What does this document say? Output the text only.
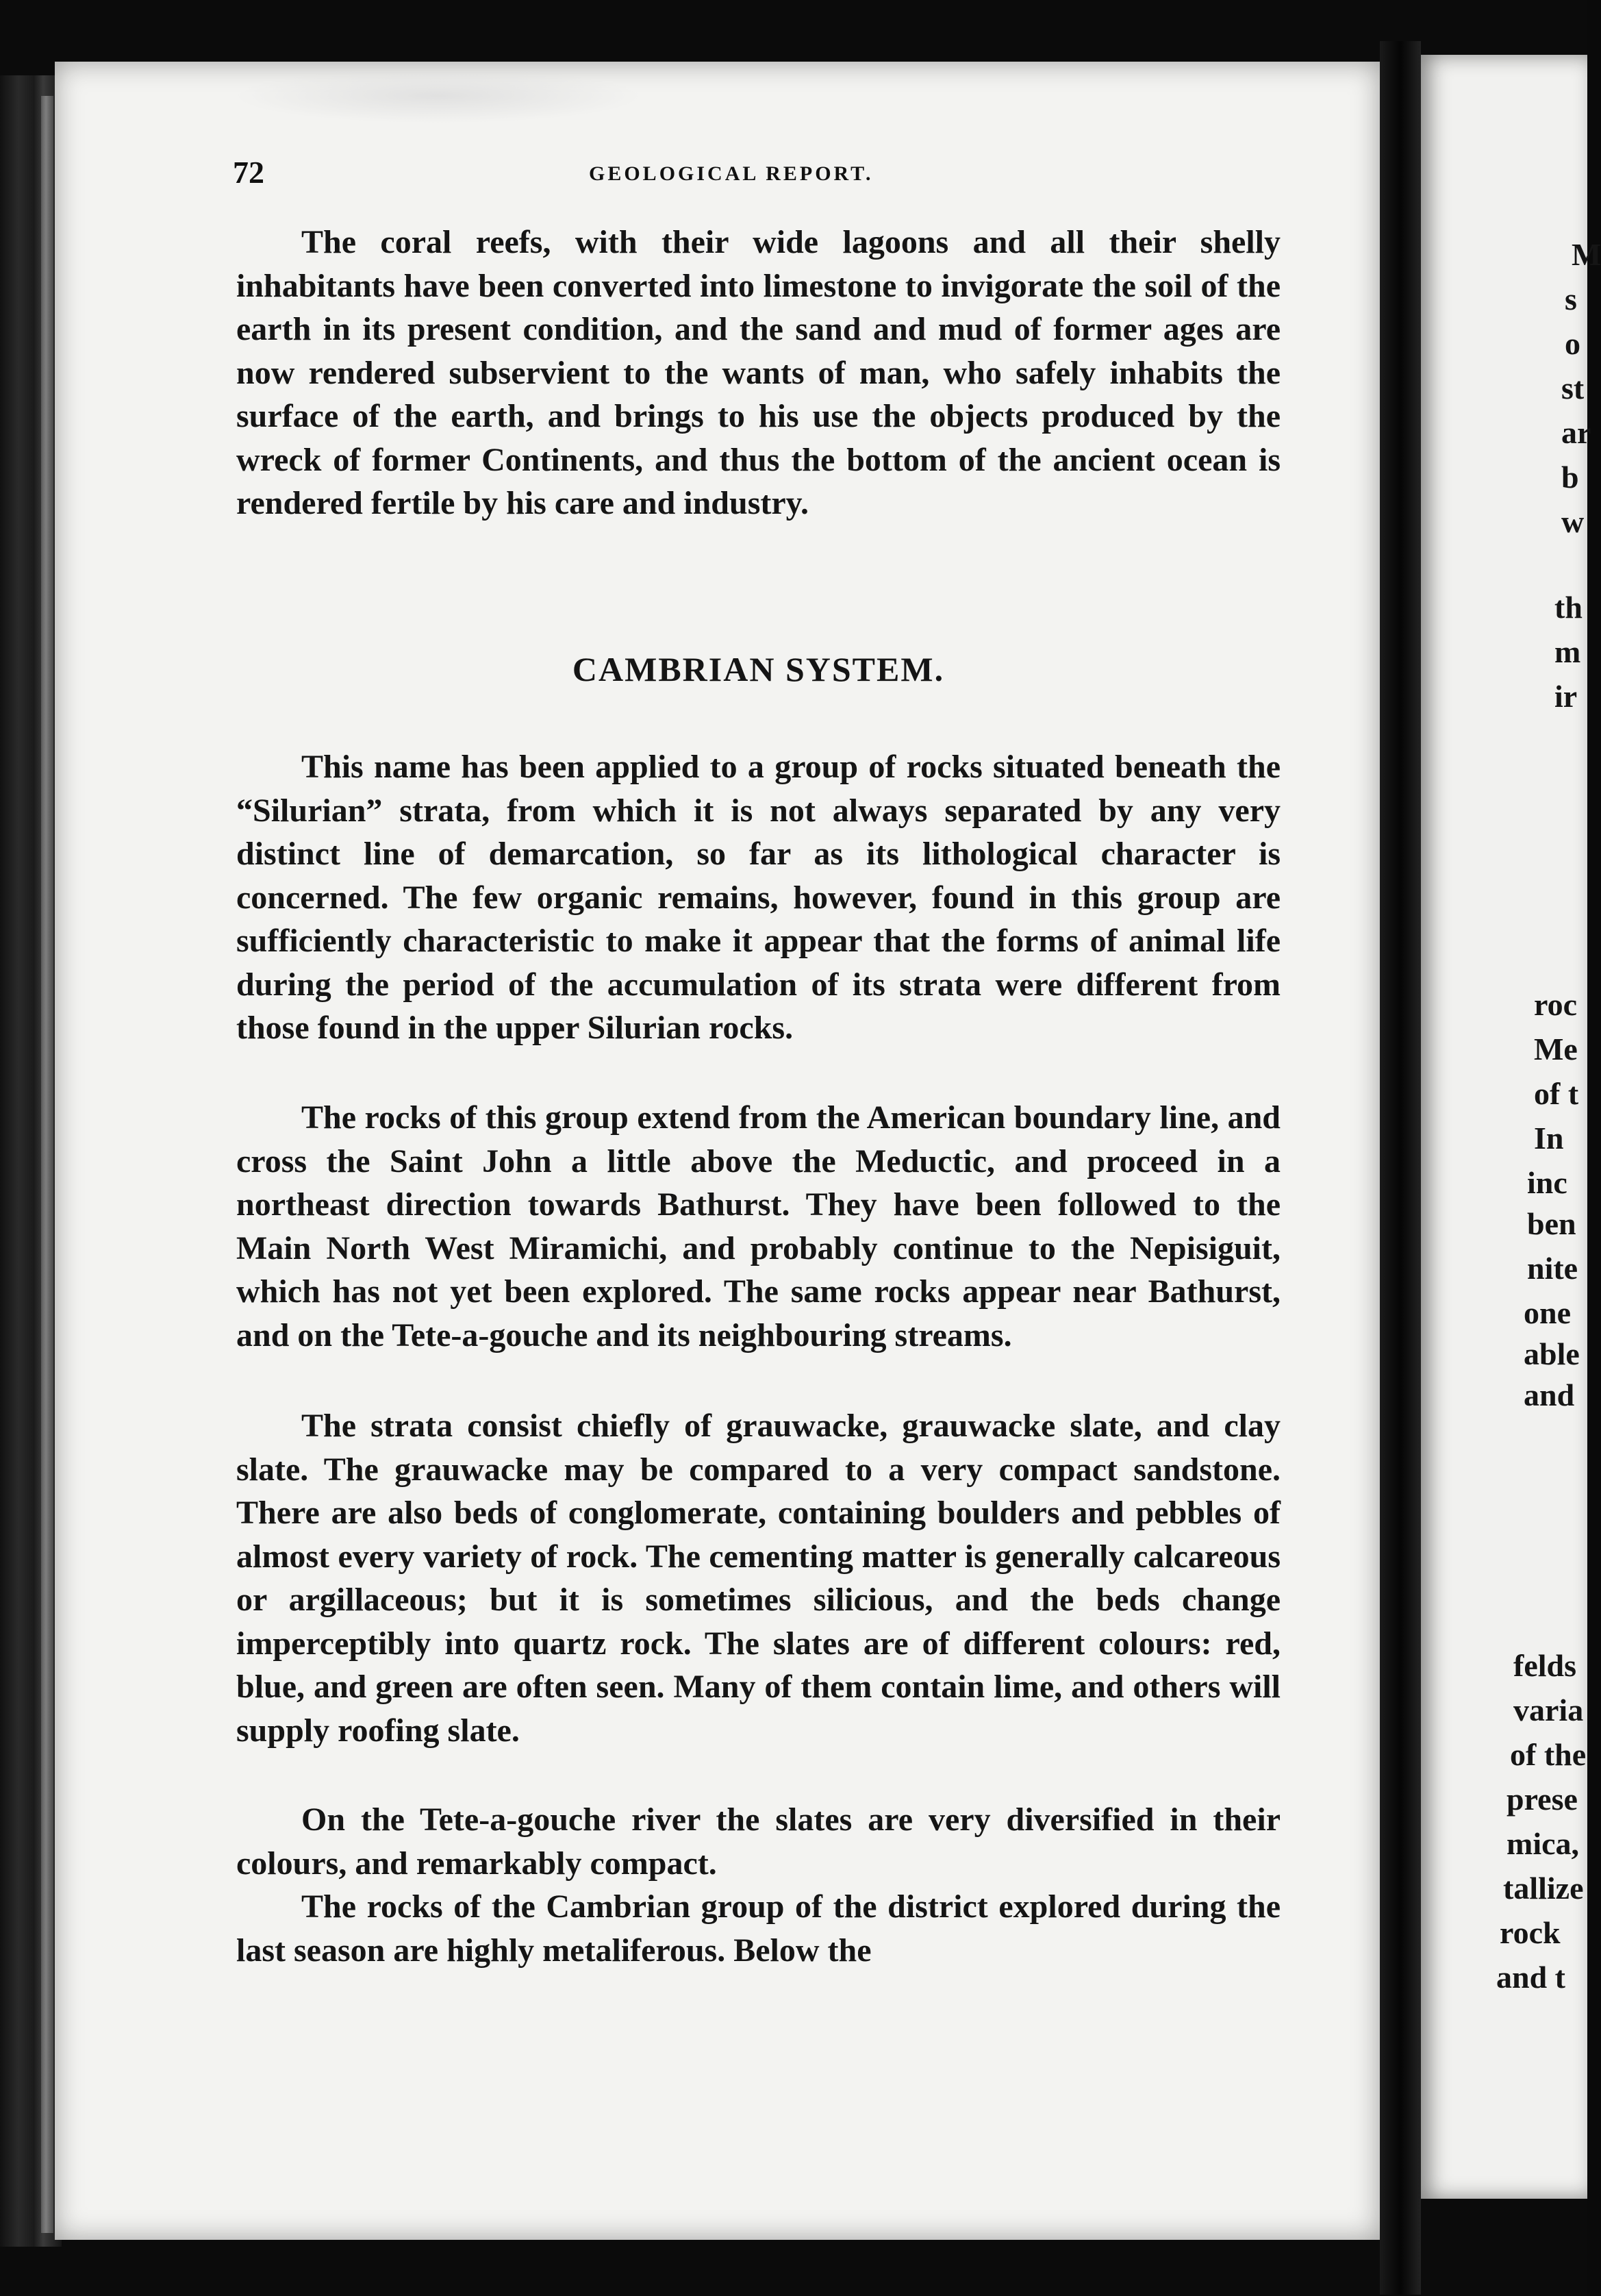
72	GEOLOGICAL REPORT.

The coral reefs, with their wide lagoons and all their shelly inhabitants have been converted into limestone to invigorate the soil of the earth in its present condition, and the sand and mud of former ages are now rendered subservient to the wants of man, who safely inhabits the surface of the earth, and brings to his use the objects produced by the wreck of former Continents, and thus the bottom of the ancient ocean is rendered fertile by his care and industry.

CAMBRIAN SYSTEM.

This name has been applied to a group of rocks situated beneath the “Silurian” strata, from which it is not always separated by any very distinct line of demarcation, so far as its lithological character is concerned. The few organic remains, however, found in this group are sufficiently characteristic to make it appear that the forms of animal life during the period of the accumulation of its strata were different from those found in the upper Silurian rocks.

The rocks of this group extend from the American boundary line, and cross the Saint John a little above the Meductic, and proceed in a northeast direction towards Bathurst. They have been followed to the Main North West Miramichi, and probably continue to the Nepisiguit, which has not yet been explored. The same rocks appear near Bathurst, and on the Tete-a-gouche and its neighbouring streams.

The strata consist chiefly of grauwacke, grauwacke slate, and clay slate. The grauwacke may be compared to a very compact sandstone. There are also beds of conglomerate, containing boulders and pebbles of almost every variety of rock. The cementing matter is generally calcareous or argillaceous; but it is sometimes silicious, and the beds change imperceptibly into quartz rock. The slates are of different colours: red, blue, and green are often seen. Many of them contain lime, and others will supply roofing slate.

On the Tete-a-gouche river the slates are very diversified in their colours, and remarkably compact.

The rocks of the Cambrian group of the district explored during the last season are highly metaliferous. Below the

M
s
o
st
ar
b
w
th
m
ir
roc
Me
of t
In
inc
ben
nite
one
able
and
felds
varia
of the
prese
mica,
tallize
rock
and t
